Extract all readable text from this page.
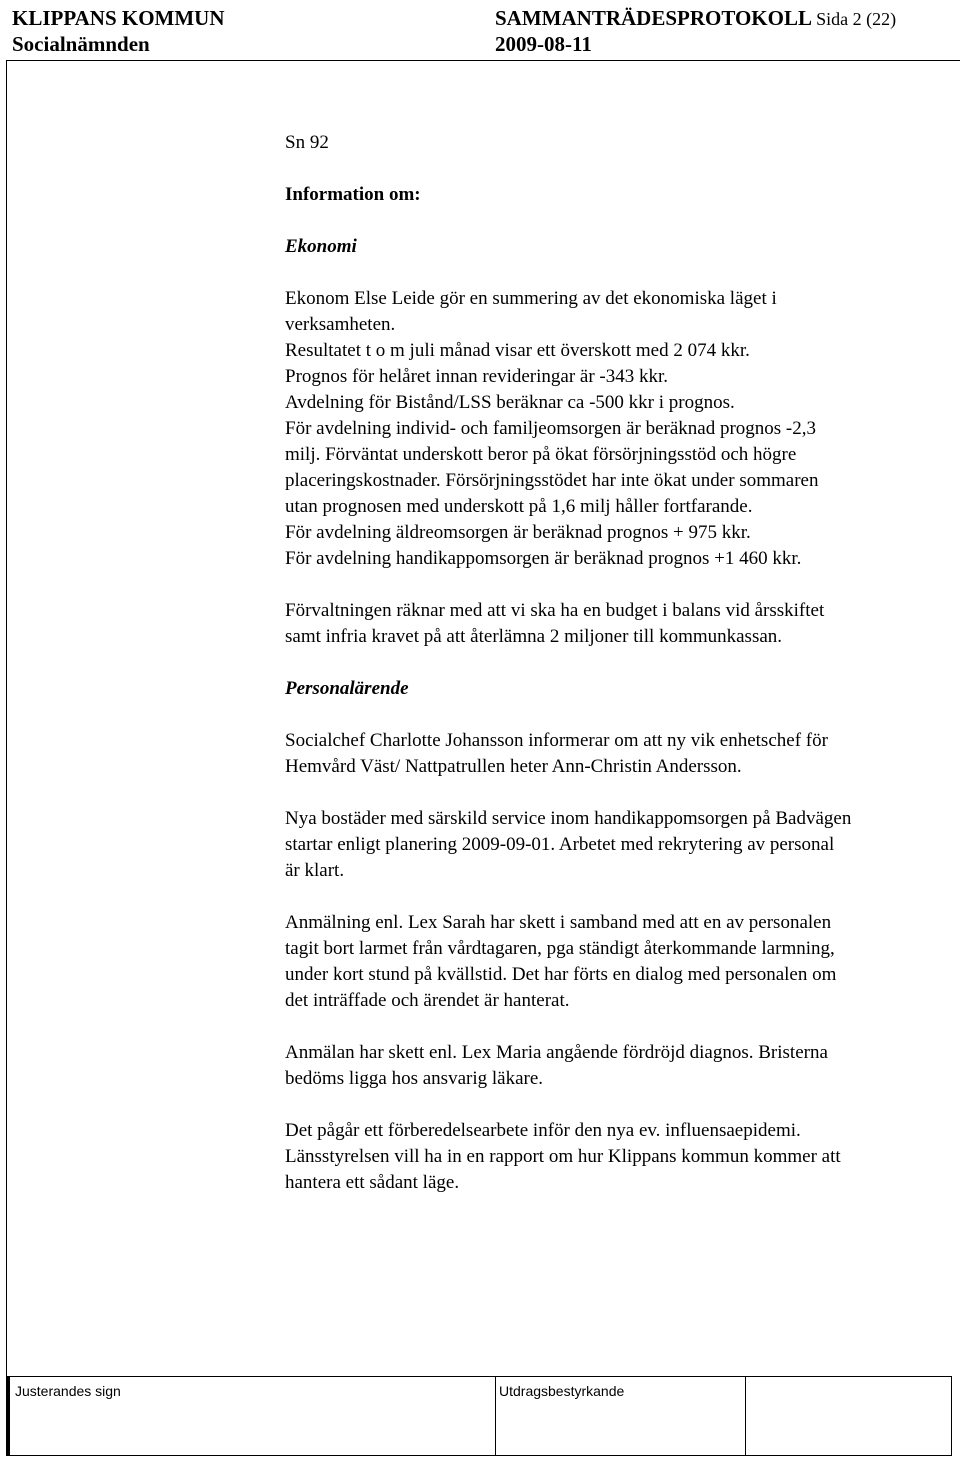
KLIPPANS KOMMUN	SAMMANTRÄDESPROTOKOLL Sida 2 (22)
Socialnämnden	2009-08-11

Sn 92

Information om:

Ekonomi

Ekonom Else Leide gör en summering av det ekonomiska läget i
verksamheten.
Resultatet t o m juli månad visar ett överskott med 2 074 kkr.
Prognos för helåret innan revideringar är -343 kkr.
Avdelning för Bistånd/LSS beräknar ca -500 kkr i prognos.
För avdelning individ- och familjeomsorgen är beräknad prognos -2,3
milj. Förväntat underskott beror på ökat försörjningsstöd och högre
placeringskostnader. Försörjningsstödet har inte ökat under sommaren
utan prognosen med underskott på 1,6 milj håller fortfarande.
För avdelning äldreomsorgen är beräknad prognos + 975 kkr.
För avdelning handikappomsorgen är beräknad prognos +1 460 kkr.

Förvaltningen räknar med att vi ska ha en budget i balans vid årsskiftet
samt infria kravet på att återlämna 2 miljoner till kommunkassan.

Personalärende

Socialchef Charlotte Johansson informerar om att ny vik enhetschef för
Hemvård Väst/ Nattpatrullen heter Ann-Christin Andersson.

Nya bostäder med särskild service inom handikappomsorgen på Badvägen
startar enligt planering 2009-09-01. Arbetet med rekrytering av personal
är klart.

Anmälning enl. Lex Sarah har skett i samband med att en av personalen
tagit bort larmet från vårdtagaren, pga ständigt återkommande larmning,
under kort stund på kvällstid. Det har förts en dialog med personalen om
det inträffade och ärendet är hanterat.

Anmälan har skett enl. Lex Maria angående fördröjd diagnos. Bristerna
bedöms ligga hos ansvarig läkare.

Det pågår ett förberedelsearbete inför den nya ev. influensaepidemi.
Länsstyrelsen vill ha in en rapport om hur Klippans kommun kommer att
hantera ett sådant läge.

Justerandes sign	Utdragsbestyrkande
